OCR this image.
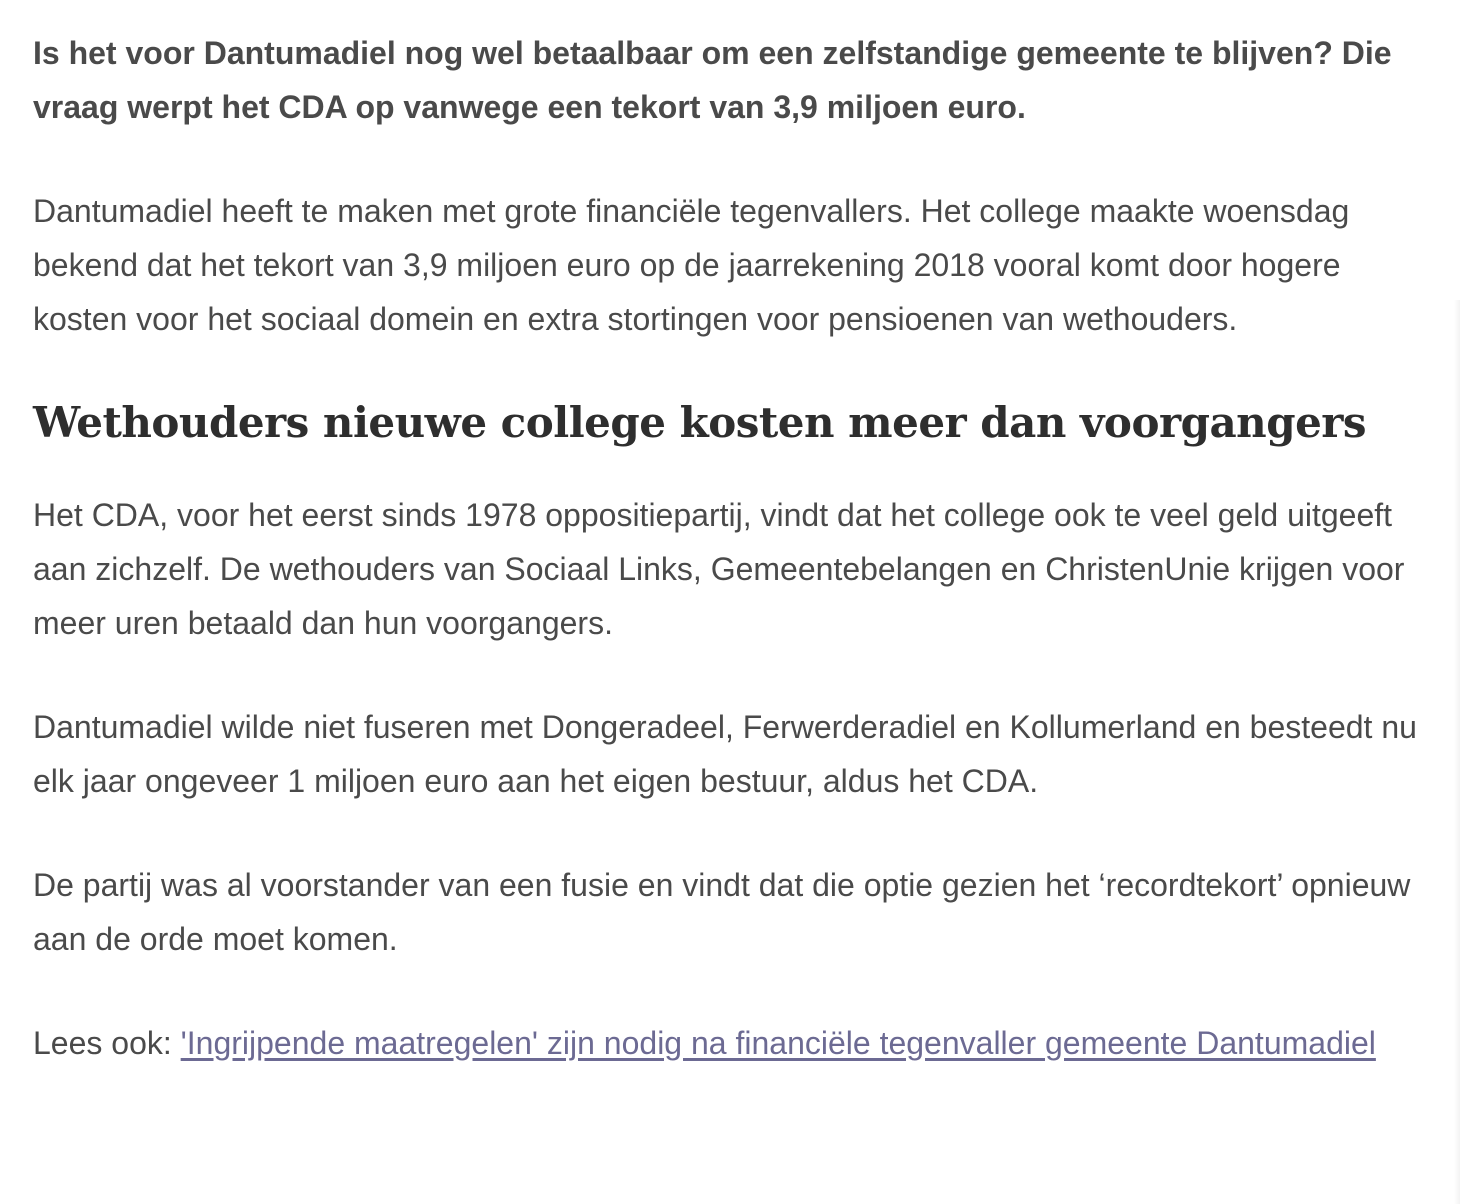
Is het voor Dantumadiel nog wel betaalbaar om een zelfstandige gemeente te blijven? Die vraag werpt het CDA op vanwege een tekort van 3,9 miljoen euro.

Dantumadiel heeft te maken met grote financiële tegenvallers. Het college maakte woensdag bekend dat het tekort van 3,9 miljoen euro op de jaarrekening 2018 vooral komt door hogere kosten voor het sociaal domein en extra stortingen voor pensioenen van wethouders.

Wethouders nieuwe college kosten meer dan voorgangers

Het CDA, voor het eerst sinds 1978 oppositiepartij, vindt dat het college ook te veel geld uitgeeft aan zichzelf. De wethouders van Sociaal Links, Gemeentebelangen en ChristenUnie krijgen voor meer uren betaald dan hun voorgangers.

Dantumadiel wilde niet fuseren met Dongeradeel, Ferwerderadiel en Kollumerland en besteedt nu elk jaar ongeveer 1 miljoen euro aan het eigen bestuur, aldus het CDA.

De partij was al voorstander van een fusie en vindt dat die optie gezien het ‘recordtekort’ opnieuw aan de orde moet komen.

Lees ook: 'Ingrijpende maatregelen' zijn nodig na financiële tegenvaller gemeente Dantumadiel
